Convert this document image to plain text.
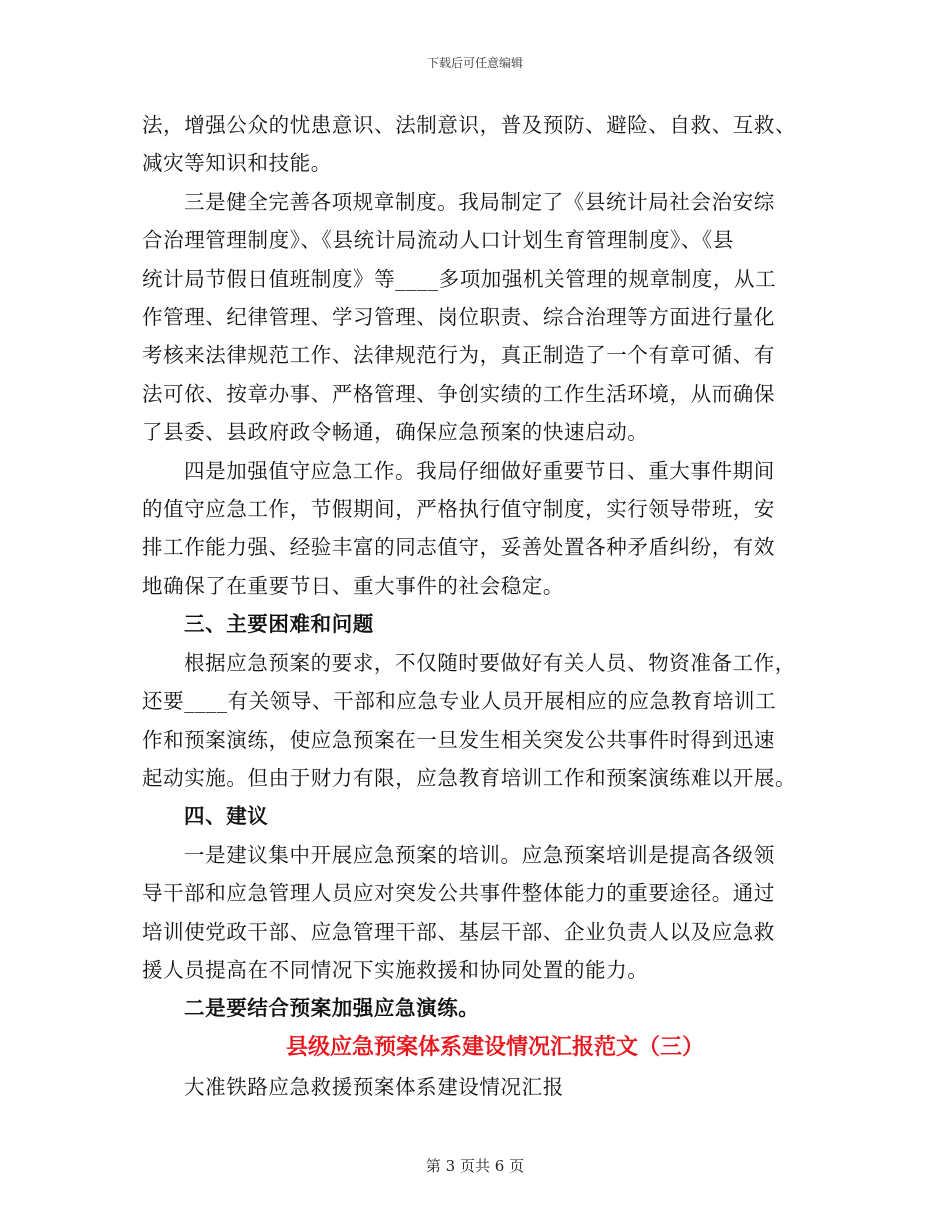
下载后可任意编辑

法，增强公众的忧患意识、法制意识，普及预防、避险、自救、互救、
减灾等知识和技能。

三是健全完善各项规章制度。我局制定了《县统计局社会治安综
合治理管理制度》、《县统计局流动人口计划生育管理制度》、《县
统计局节假日值班制度》等____多项加强机关管理的规章制度，从工
作管理、纪律管理、学习管理、岗位职责、综合治理等方面进行量化
考核来法律规范工作、法律规范行为，真正制造了一个有章可循、有
法可依、按章办事、严格管理、争创实绩的工作生活环境，从而确保
了县委、县政府政令畅通，确保应急预案的快速启动。

四是加强值守应急工作。我局仔细做好重要节日、重大事件期间
的值守应急工作，节假期间，严格执行值守制度，实行领导带班，安
排工作能力强、经验丰富的同志值守，妥善处置各种矛盾纠纷，有效
地确保了在重要节日、重大事件的社会稳定。

三、主要困难和问题

根据应急预案的要求，不仅随时要做好有关人员、物资准备工作，
还要____有关领导、干部和应急专业人员开展相应的应急教育培训工
作和预案演练，使应急预案在一旦发生相关突发公共事件时得到迅速
起动实施。但由于财力有限，应急教育培训工作和预案演练难以开展。

四、建议

一是建议集中开展应急预案的培训。应急预案培训是提高各级领
导干部和应急管理人员应对突发公共事件整体能力的重要途径。通过
培训使党政干部、应急管理干部、基层干部、企业负责人以及应急救
援人员提高在不同情况下实施救援和协同处置的能力。

二是要结合预案加强应急演练。

县级应急预案体系建设情况汇报范文（三）

大准铁路应急救援预案体系建设情况汇报

第 3 页共 6 页
